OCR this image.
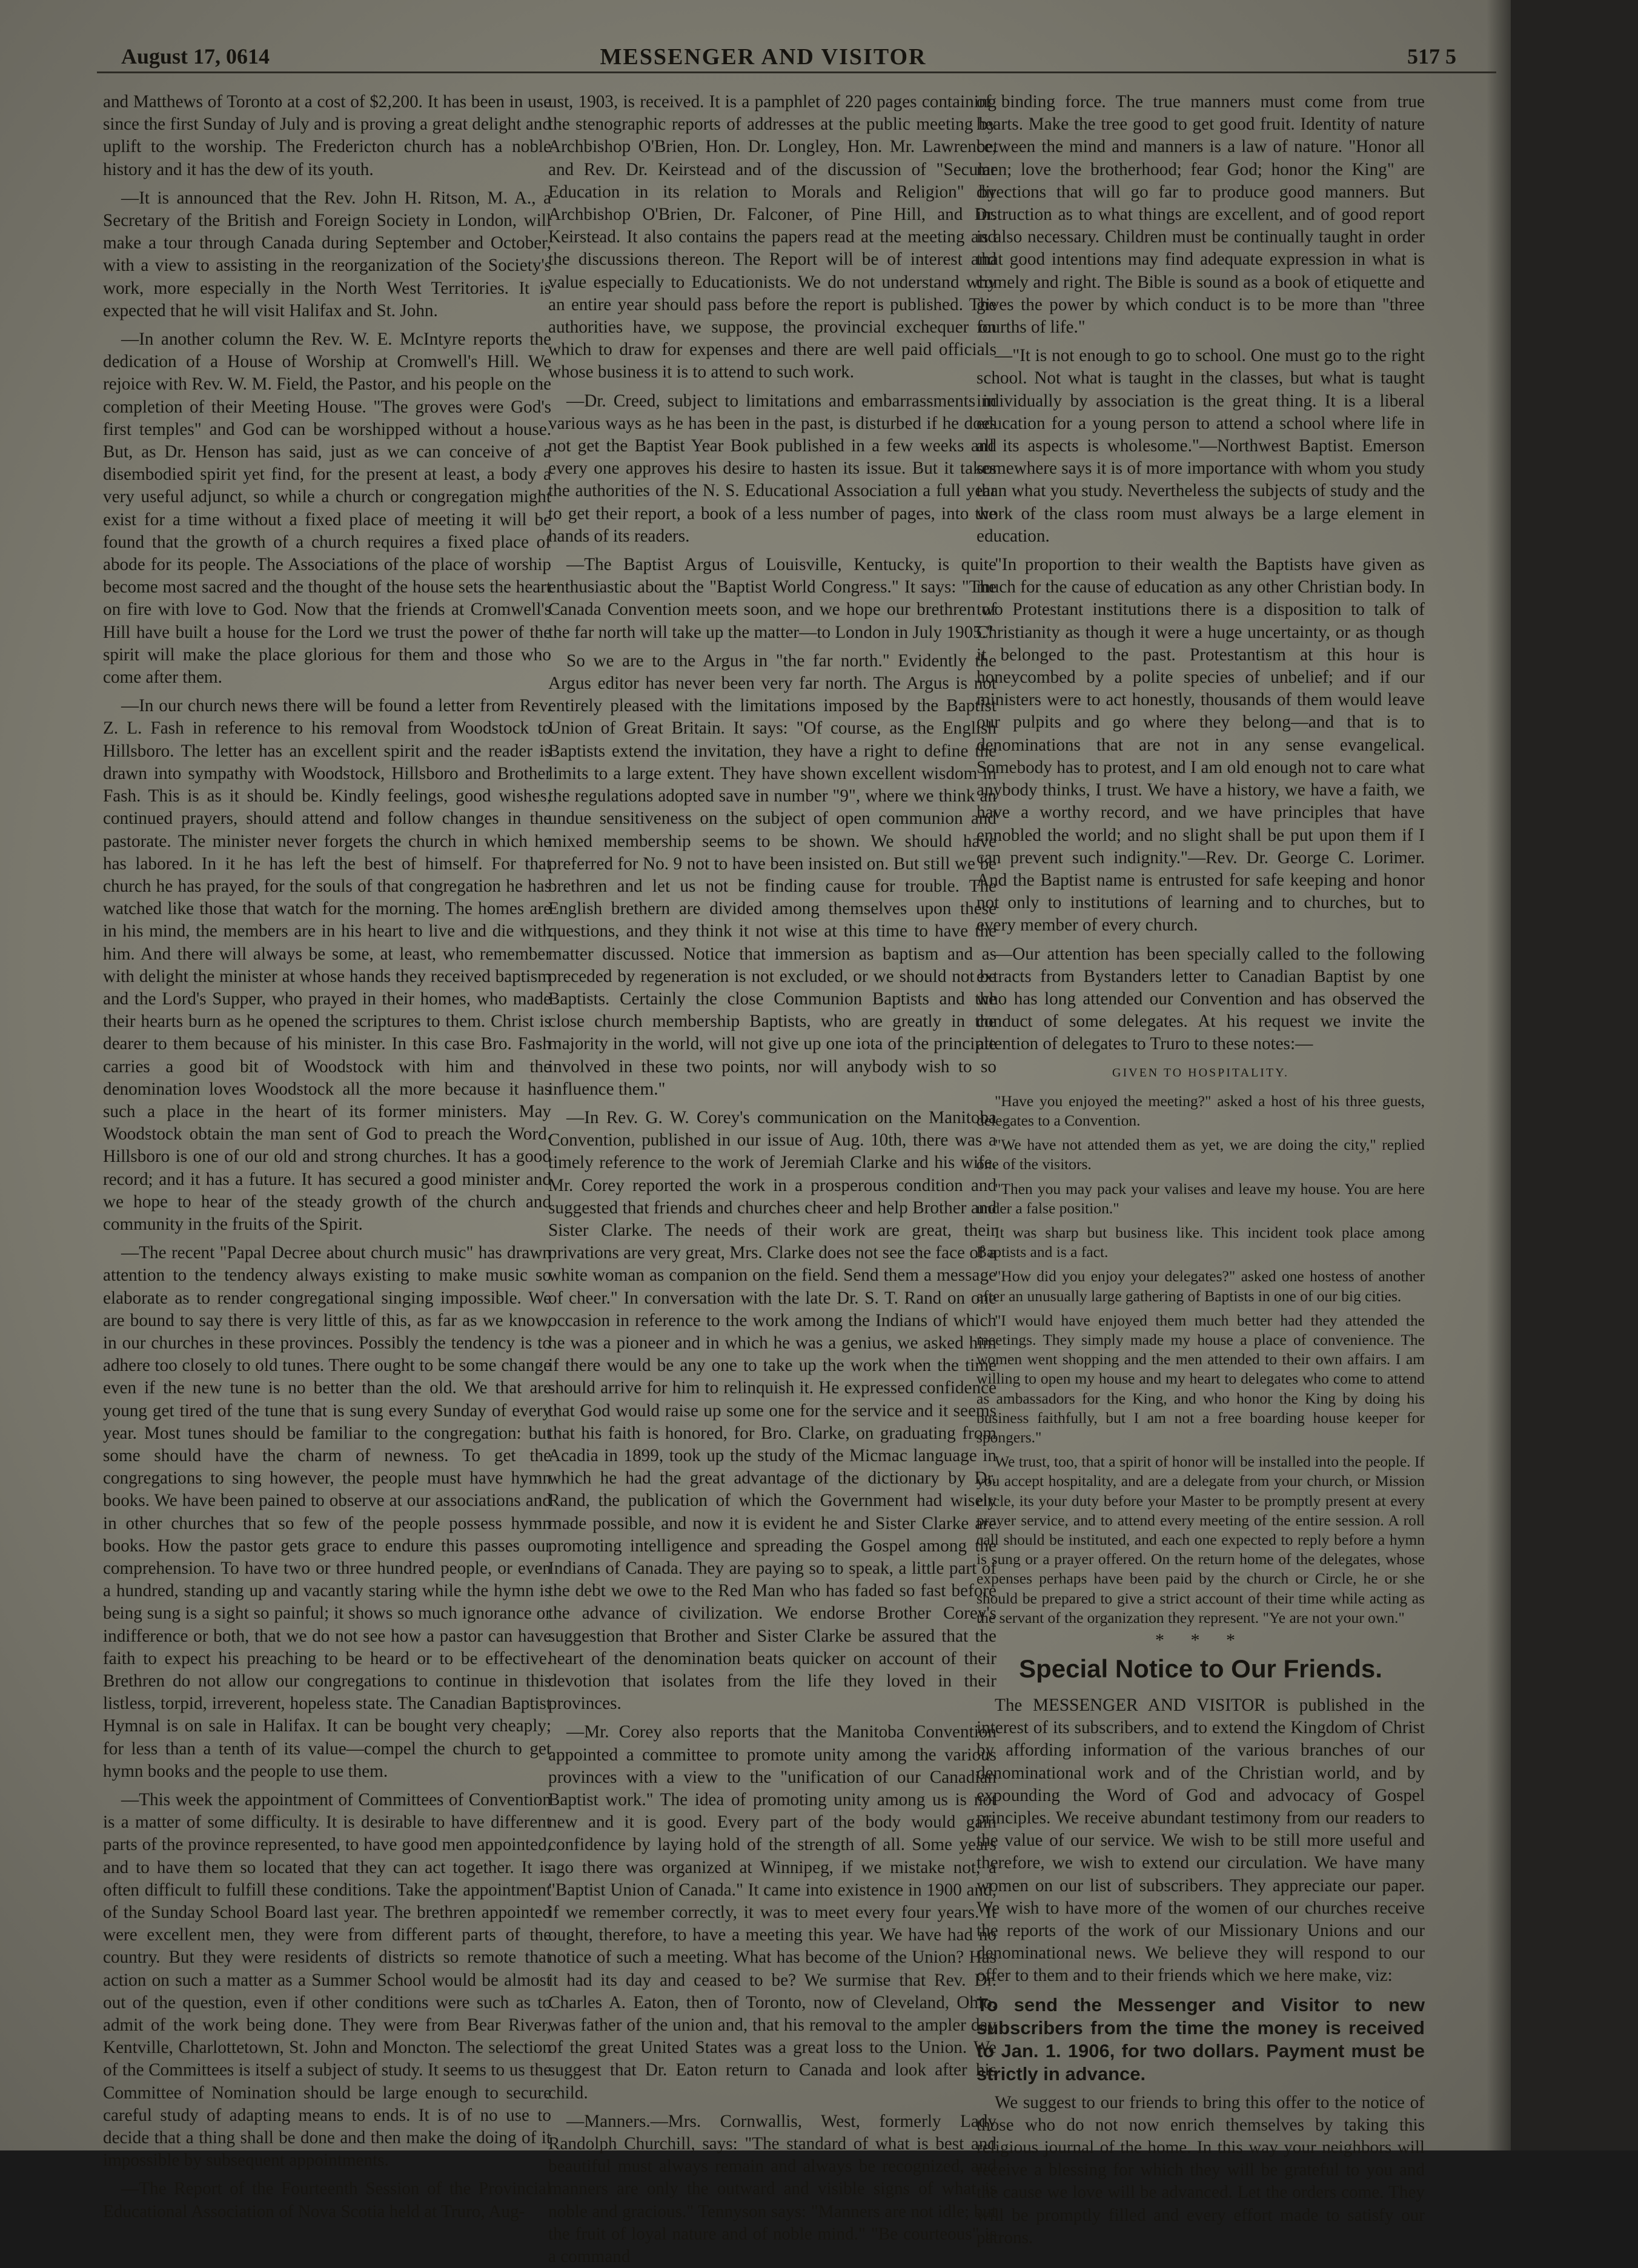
August 17, 0614	MESSENGER AND VISITOR	517 5

and Matthews of Toronto at a cost of $2,200. It has been in use since the first Sunday of July and is proving a great delight and uplift to the worship. The Fredericton church has a noble history and it has the dew of its youth.

—It is announced that the Rev. John H. Ritson, M. A., a Secretary of the British and Foreign Society in London, will make a tour through Canada during September and October, with a view to assisting in the reorganization of the Society's work, more especially in the North West Territories. It is expected that he will visit Halifax and St. John.

—In another column the Rev. W. E. McIntyre reports the dedication of a House of Worship at Cromwell's Hill. We rejoice with Rev. W. M. Field, the Pastor, and his people on the completion of their Meeting House. "The groves were God's first temples" and God can be worshipped without a house. But, as Dr. Henson has said, just as we can conceive of a disembodied spirit yet find, for the present at least, a body a very useful adjunct, so while a church or congregation might exist for a time without a fixed place of meeting it will be found that the growth of a church requires a fixed place of abode for its people. The Associations of the place of worship become most sacred and the thought of the house sets the heart on fire with love to God. Now that the friends at Cromwell's Hill have built a house for the Lord we trust the power of the spirit will make the place glorious for them and those who come after them.

—In our church news there will be found a letter from Rev. Z. L. Fash in reference to his removal from Woodstock to Hillsboro. The letter has an excellent spirit and the reader is drawn into sympathy with Woodstock, Hillsboro and Brother Fash. This is as it should be. Kindly feelings, good wishes, continued prayers, should attend and follow changes in the pastorate. The minister never forgets the church in which he has labored. In it he has left the best of himself. For that church he has prayed, for the souls of that congregation he has watched like those that watch for the morning. The homes are in his mind, the members are in his heart to live and die with him. And there will always be some, at least, who remember with delight the minister at whose hands they received baptism and the Lord's Supper, who prayed in their homes, who made their hearts burn as he opened the scriptures to them. Christ is dearer to them because of his minister. In this case Bro. Fash carries a good bit of Woodstock with him and the denomination loves Woodstock all the more because it has such a place in the heart of its former ministers. May Woodstock obtain the man sent of God to preach the Word. Hillsboro is one of our old and strong churches. It has a good record; and it has a future. It has secured a good minister and we hope to hear of the steady growth of the church and community in the fruits of the Spirit.

—The recent "Papal Decree about church music" has drawn attention to the tendency always existing to make music so elaborate as to render congregational singing impossible. We are bound to say there is very little of this, as far as we know, in our churches in these provinces. Possibly the tendency is to adhere too closely to old tunes. There ought to be some change even if the new tune is no better than the old. We that are young get tired of the tune that is sung every Sunday of every year. Most tunes should be familiar to the congregation: but some should have the charm of newness. To get the congregations to sing however, the people must have hymn books. We have been pained to observe at our associations and in other churches that so few of the people possess hymn books. How the pastor gets grace to endure this passes our comprehension. To have two or three hundred people, or even a hundred, standing up and vacantly staring while the hymn is being sung is a sight so painful; it shows so much ignorance or indifference or both, that we do not see how a pastor can have faith to expect his preaching to be heard or to be effective. Brethren do not allow our congregations to continue in this listless, torpid, irreverent, hopeless state. The Canadian Baptist Hymnal is on sale in Halifax. It can be bought very cheaply; for less than a tenth of its value—compel the church to get hymn books and the people to use them.

—This week the appointment of Committees of Convention is a matter of some difficulty. It is desirable to have different parts of the province represented, to have good men appointed, and to have them so located that they can act together. It is often difficult to fulfill these conditions. Take the appointment of the Sunday School Board last year. The brethren appointed were excellent men, they were from different parts of the country. But they were residents of districts so remote that action on such a matter as a Summer School would be almost out of the question, even if other conditions were such as to admit of the work being done. They were from Bear River, Kentville, Charlottetown, St. John and Moncton. The selection of the Committees is itself a subject of study. It seems to us the Committee of Nomination should be large enough to secure careful study of adapting means to ends. It is of no use to decide that a thing shall be done and then make the doing of it impossible by subsequent appointments.

—The Report of the Fourteenth Session of the Provincial Educational Association of Nova Scotia held at Truro, Aug-

ust, 1903, is received. It is a pamphlet of 220 pages containing the stenographic reports of addresses at the public meeting by Archbishop O'Brien, Hon. Dr. Longley, Hon. Mr. Lawrence, and Rev. Dr. Keirstead and of the discussion of "Secular Education in its relation to Morals and Religion" by Archbishop O'Brien, Dr. Falconer, of Pine Hill, and Dr. Keirstead. It also contains the papers read at the meeting and the discussions thereon. The Report will be of interest and value especially to Educationists. We do not understand why an entire year should pass before the report is published. The authorities have, we suppose, the provincial exchequer on which to draw for expenses and there are well paid officials whose business it is to attend to such work.

—Dr. Creed, subject to limitations and embarrassments in various ways as he has been in the past, is disturbed if he does not get the Baptist Year Book published in a few weeks and every one approves his desire to hasten its issue. But it takes the authorities of the N. S. Educational Association a full year to get their report, a book of a less number of pages, into the hands of its readers.

—The Baptist Argus of Louisville, Kentucky, is quite enthusiastic about the "Baptist World Congress." It says: "The Canada Convention meets soon, and we hope our brethren of the far north will take up the matter—to London in July 1905."

So we are to the Argus in "the far north." Evidently the Argus editor has never been very far north. The Argus is not entirely pleased with the limitations imposed by the Baptist Union of Great Britain. It says: "Of course, as the English Baptists extend the invitation, they have a right to define the limits to a large extent. They have shown excellent wisdom in the regulations adopted save in number "9", where we think an undue sensitiveness on the subject of open communion and mixed membership seems to be shown. We should have preferred for No. 9 not to have been insisted on. But still we be brethren and let us not be finding cause for trouble. The English brethern are divided among themselves upon these questions, and they think it not wise at this time to have the matter discussed. Notice that immersion as baptism and as preceded by regeneration is not excluded, or we should not be Baptists. Certainly the close Communion Baptists and the close church membership Baptists, who are greatly in the majority in the world, will not give up one iota of the principle involved in these two points, nor will anybody wish to so influence them."

—In Rev. G. W. Corey's communication on the Manitoba Convention, published in our issue of Aug. 10th, there was a timely reference to the work of Jeremiah Clarke and his wife. Mr. Corey reported the work in a prosperous condition and suggested that friends and churches cheer and help Brother and Sister Clarke. The needs of their work are great, their privations are very great, Mrs. Clarke does not see the face of a white woman as companion on the field. Send them a message of cheer." In conversation with the late Dr. S. T. Rand on one occasion in reference to the work among the Indians of which he was a pioneer and in which he was a genius, we asked him if there would be any one to take up the work when the time should arrive for him to relinquish it. He expressed confidence that God would raise up some one for the service and it seems that his faith is honored, for Bro. Clarke, on graduating from Acadia in 1899, took up the study of the Micmac language in which he had the great advantage of the dictionary by Dr. Rand, the publication of which the Government had wisely made possible, and now it is evident he and Sister Clarke are promoting intelligence and spreading the Gospel among the Indians of Canada. They are paying so to speak, a little part of the debt we owe to the Red Man who has faded so fast before the advance of civilization. We endorse Brother Corey's suggestion that Brother and Sister Clarke be assured that the heart of the denomination beats quicker on account of their devotion that isolates from the life they loved in their provinces.

—Mr. Corey also reports that the Manitoba Convention appointed a committee to promote unity among the various provinces with a view to the "unification of our Canadian Baptist work." The idea of promoting unity among us is not new and it is good. Every part of the body would gain confidence by laying hold of the strength of all. Some years ago there was organized at Winnipeg, if we mistake not, a "Baptist Union of Canada." It came into existence in 1900 and, if we remember correctly, it was to meet every four years. It ought, therefore, to have a meeting this year. We have had no notice of such a meeting. What has become of the Union? Has it had its day and ceased to be? We surmise that Rev. Dr. Charles A. Eaton, then of Toronto, now of Cleveland, Ohio, was father of the union and, that his removal to the ampler day of the great United States was a great loss to the Union. We suggest that Dr. Eaton return to Canada and look after his child.

—Manners.—Mrs. Cornwallis, West, formerly Lady Randolph Churchill, says: "The standard of what is best and beautiful must always remain and always be recognized, and manners are only the outward and visible signs of what is noble and gracious." Tennyson says: "Manners are not idle; but the fruit of loyal nature and of noble mind." "Be courteous" is a command

of binding force. The true manners must come from true hearts. Make the tree good to get good fruit. Identity of nature between the mind and manners is a law of nature. "Honor all men; love the brotherhood; fear God; honor the King" are directions that will go far to produce good manners. But instruction as to what things are excellent, and of good report is also necessary. Children must be continually taught in order that good intentions may find adequate expression in what is comely and right. The Bible is sound as a book of etiquette and gives the power by which conduct is to be more than "three fourths of life."

—"It is not enough to go to school. One must go to the right school. Not what is taught in the classes, but what is taught individually by association is the great thing. It is a liberal education for a young person to attend a school where life in all its aspects is wholesome."—Northwest Baptist. Emerson somewhere says it is of more importance with whom you study than what you study. Nevertheless the subjects of study and the work of the class room must always be a large element in education.

"In proportion to their wealth the Baptists have given as much for the cause of education as any other Christian body. In two Protestant institutions there is a disposition to talk of Christianity as though it were a huge uncertainty, or as though it belonged to the past. Protestantism at this hour is honeycombed by a polite species of unbelief; and if our ministers were to act honestly, thousands of them would leave our pulpits and go where they belong—and that is to denominations that are not in any sense evangelical. Somebody has to protest, and I am old enough not to care what anybody thinks, I trust. We have a history, we have a faith, we have a worthy record, and we have principles that have ennobled the world; and no slight shall be put upon them if I can prevent such indignity."—Rev. Dr. George C. Lorimer. And the Baptist name is entrusted for safe keeping and honor not only to institutions of learning and to churches, but to every member of every church.

—Our attention has been specially called to the following extracts from Bystanders letter to Canadian Baptist by one who has long attended our Convention and has observed the conduct of some delegates. At his request we invite the attention of delegates to Truro to these notes:—

GIVEN TO HOSPITALITY.

"Have you enjoyed the meeting?" asked a host of his three guests, delegates to a Convention.

"We have not attended them as yet, we are doing the city," replied one of the visitors.

"Then you may pack your valises and leave my house. You are here under a false position."

It was sharp but business like. This incident took place among Baptists and is a fact.

"How did you enjoy your delegates?" asked one hostess of another after an unusually large gathering of Baptists in one of our big cities.

"I would have enjoyed them much better had they attended the meetings. They simply made my house a place of convenience. The women went shopping and the men attended to their own affairs. I am willing to open my house and my heart to delegates who come to attend as ambassadors for the King, and who honor the King by doing his business faithfully, but I am not a free boarding house keeper for spongers."

We trust, too, that a spirit of honor will be installed into the people. If you accept hospitality, and are a delegate from your church, or Mission circle, its your duty before your Master to be promptly present at every prayer service, and to attend every meeting of the entire session. A roll call should be instituted, and each one expected to reply before a hymn is sung or a prayer offered. On the return home of the delegates, whose expenses perhaps have been paid by the church or Circle, he or she should be prepared to give a strict account of their time while acting as the servant of the organization they represent. "Ye are not your own."

* * *
Special Notice to Our Friends.

The MESSENGER AND VISITOR is published in the interest of its subscribers, and to extend the Kingdom of Christ by affording information of the various branches of our denominational work and of the Christian world, and by expounding the Word of God and advocacy of Gospel principles. We receive abundant testimony from our readers to the value of our service. We wish to be still more useful and therefore, we wish to extend our circulation. We have many women on our list of subscribers. They appreciate our paper. We wish to have more of the women of our churches receive the reports of the work of our Missionary Unions and our denominational news. We believe they will respond to our offer to them and to their friends which we here make, viz:

To send the Messenger and Visitor to new subscribers from the time the money is received to Jan. 1. 1906, for two dollars. Payment must be strictly in advance.

We suggest to our friends to bring this offer to the notice of those who do not now enrich themselves by taking this religious journal of the home. In this way your neighbors will receive a blessing for which they will be grateful to you and the cause we love will be advanced. Let the orders come. They will be promptly filled and every effort made to satisfy our patrons.
